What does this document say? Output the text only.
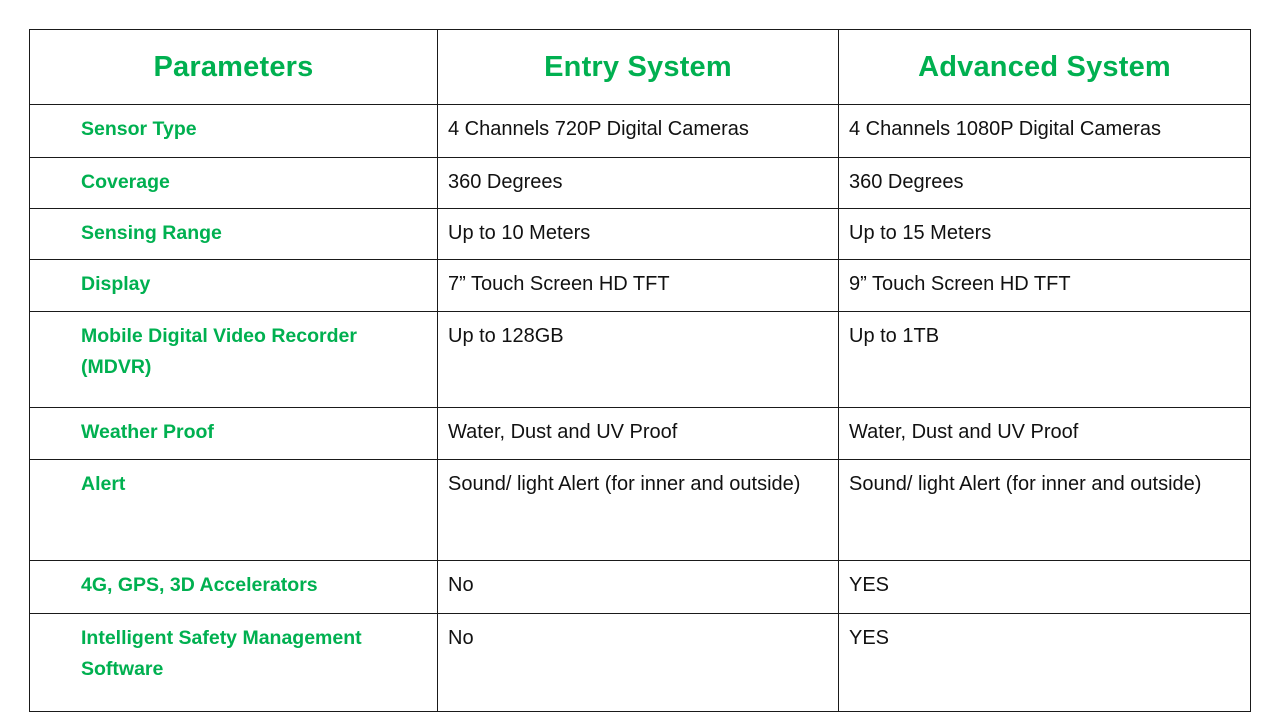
Parameters	Entry System	Advanced System

Sensor Type	4 Channels 720P Digital Cameras	4 Channels 1080P Digital Cameras

Coverage	360 Degrees	360 Degrees

Sensing Range	Up to 10 Meters	Up to 15 Meters

Display	7” Touch Screen HD TFT	9” Touch Screen HD TFT

Mobile Digital Video Recorder (MDVR)	Up to 128GB	Up to 1TB

Weather Proof	Water, Dust and UV Proof	Water, Dust and UV Proof

Alert	Sound/ light Alert (for inner and outside)	Sound/ light Alert (for inner and outside)

4G, GPS, 3D Accelerators	No	YES

Intelligent Safety Management Software	No	YES
